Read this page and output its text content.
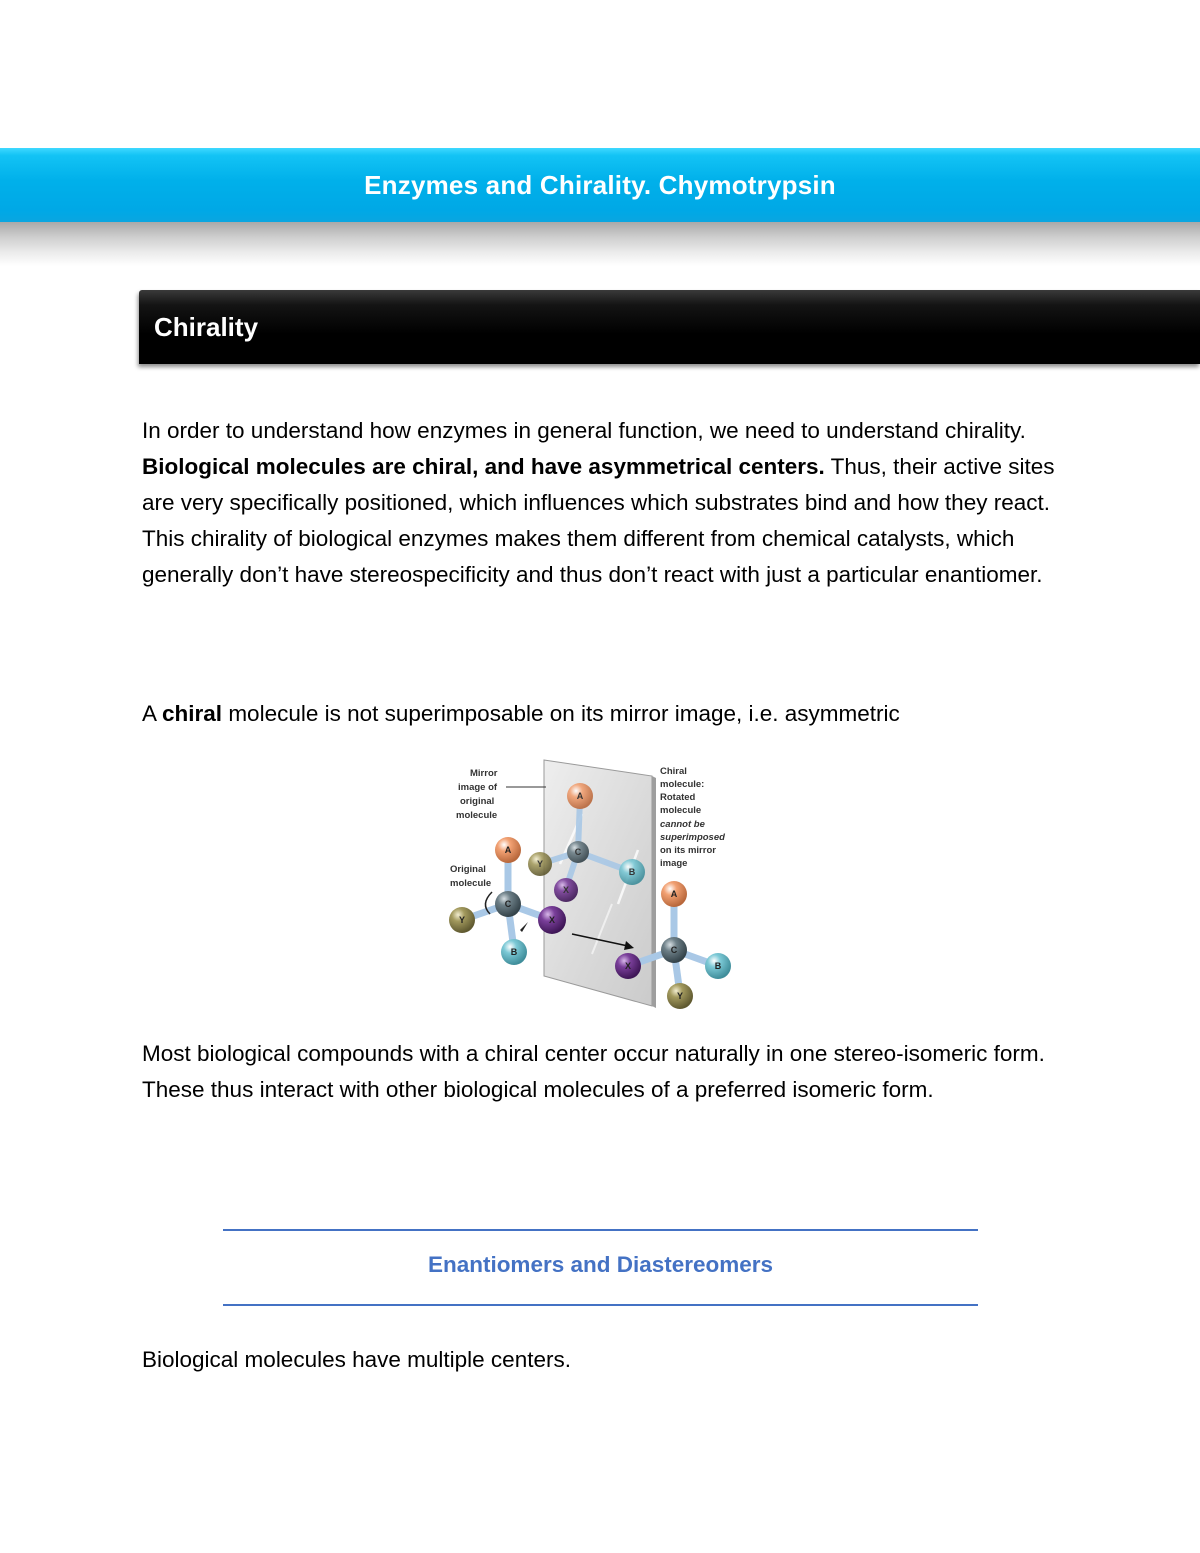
Enzymes and Chirality. Chymotrypsin
Chirality

In order to understand how enzymes in general function, we need to understand chirality. Biological molecules are chiral, and have asymmetrical centers. Thus, their active sites are very specifically positioned, which influences which substrates bind and how they react. This chirality of biological enzymes makes them different from chemical catalysts, which generally don’t have stereospecificity and thus don’t react with just a particular enantiomer.

A chiral molecule is not superimposable on its mirror image, i.e. asymmetric

Mirror
image of
original
molecule
Original
molecule
Chiral
molecule:
Rotated
molecule
cannot be
superimposed
on its mirror
image
A
Y
B
X
C
A
Y	X
B
C
A
X	B
Y
C

Most biological compounds with a chiral center occur naturally in one stereo-isomeric form. These thus interact with other biological molecules of a preferred isomeric form.

Enantiomers and Diastereomers

Biological molecules have multiple centers.
